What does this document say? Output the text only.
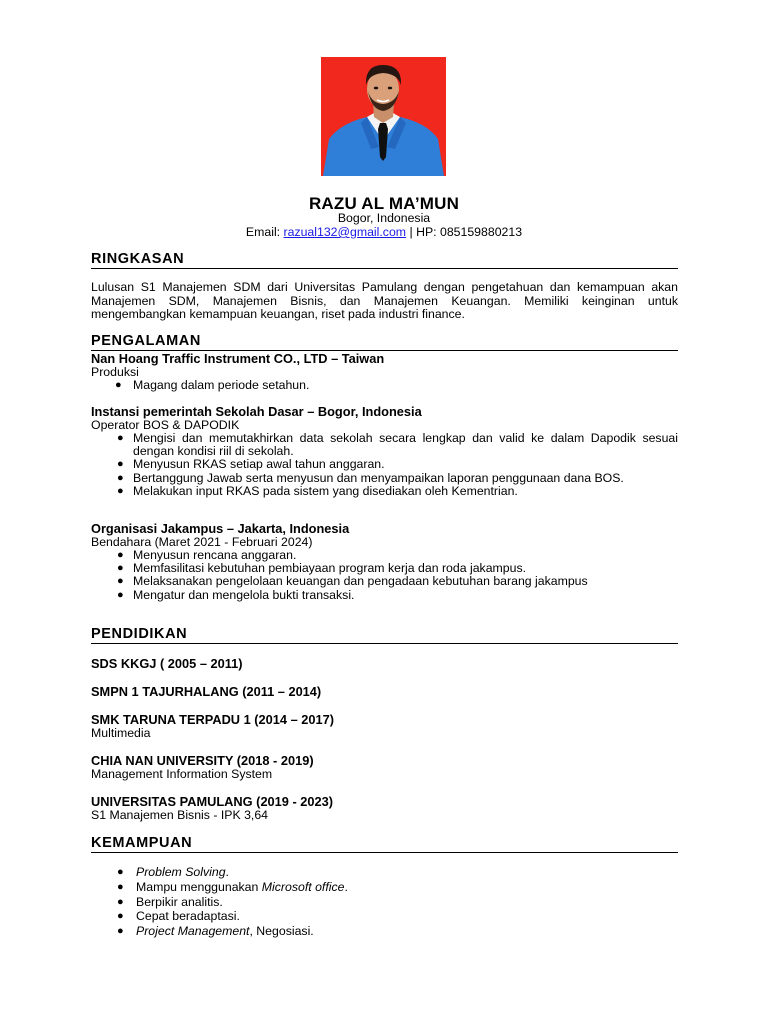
RAZU AL MA’MUN
Bogor, Indonesia
Email: razual132@gmail.com | HP: 085159880213
RINGKASAN
Lulusan S1 Manajemen SDM dari Universitas Pamulang dengan pengetahuan dan kemampuan akan Manajemen SDM, Manajemen Bisnis, dan Manajemen Keuangan. Memiliki keinginan untuk mengembangkan kemampuan keuangan, riset pada industri finance.
PENGALAMAN
Nan Hoang Traffic Instrument CO., LTD – Taiwan
Produksi
● Magang dalam periode setahun.
Instansi pemerintah Sekolah Dasar – Bogor, Indonesia
Operator BOS & DAPODIK
● Mengisi dan memutakhirkan data sekolah secara lengkap dan valid ke dalam Dapodik sesuai dengan kondisi riil di sekolah.
● Menyusun RKAS setiap awal tahun anggaran.
● Bertanggung Jawab serta menyusun dan menyampaikan laporan penggunaan dana BOS.
● Melakukan input RKAS pada sistem yang disediakan oleh Kementrian.
Organisasi Jakampus – Jakarta, Indonesia
Bendahara (Maret 2021 - Februari 2024)
● Menyusun rencana anggaran.
● Memfasilitasi kebutuhan pembiayaan program kerja dan roda jakampus.
● Melaksanakan pengelolaan keuangan dan pengadaan kebutuhan barang jakampus
● Mengatur dan mengelola bukti transaksi.
PENDIDIKAN
SDS KKGJ ( 2005 – 2011)
SMPN 1 TAJURHALANG (2011 – 2014)
SMK TARUNA TERPADU 1 (2014 – 2017)
Multimedia
CHIA NAN UNIVERSITY (2018 - 2019)
Management Information System
UNIVERSITAS PAMULANG (2019 - 2023)
S1 Manajemen Bisnis - IPK 3,64
KEMAMPUAN
● Problem Solving.
● Mampu menggunakan Microsoft office.
● Berpikir analitis.
● Cepat beradaptasi.
● Project Management, Negosiasi.
